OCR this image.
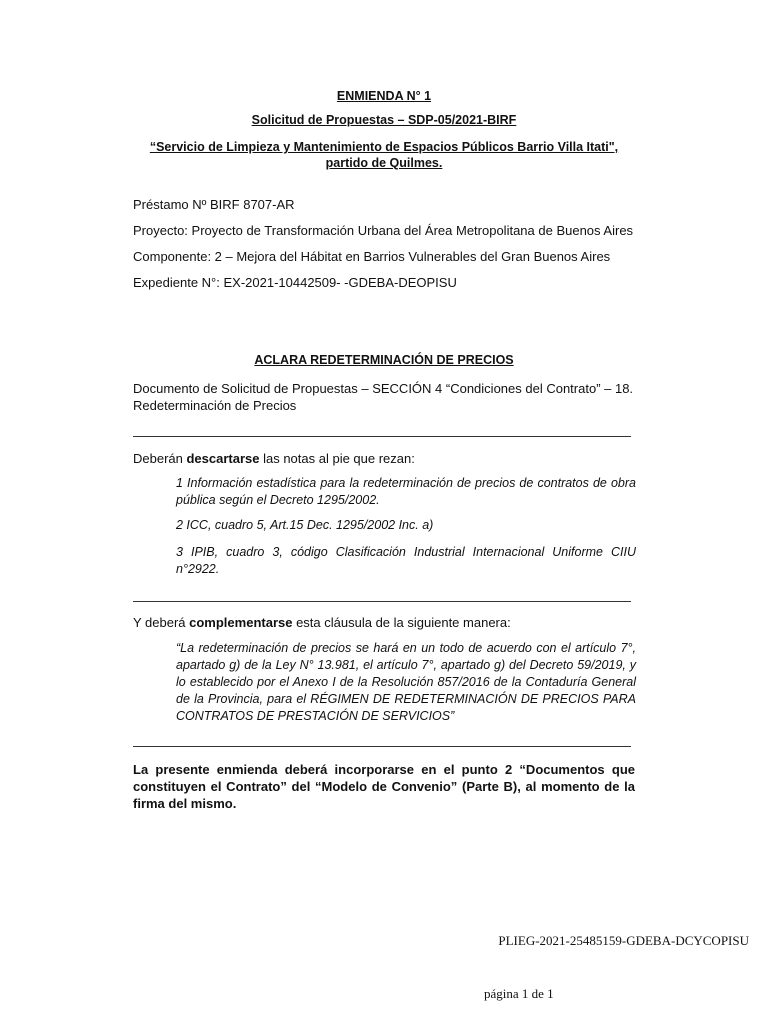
ENMIENDA N° 1
Solicitud de Propuestas – SDP-05/2021-BIRF
“Servicio de Limpieza y Mantenimiento de Espacios Públicos Barrio Villa Itati",
partido de Quilmes.
Préstamo Nº BIRF 8707-AR
Proyecto: Proyecto de Transformación Urbana del Área Metropolitana de Buenos Aires
Componente: 2 – Mejora del Hábitat en Barrios Vulnerables del Gran Buenos Aires
Expediente N°: EX-2021-10442509- -GDEBA-DEOPISU
ACLARA REDETERMINACIÓN DE PRECIOS
Documento de Solicitud de Propuestas – SECCIÓN 4 “Condiciones del Contrato” – 18.
Redeterminación de Precios
Deberán descartarse las notas al pie que rezan:
1 Información estadística para la redeterminación de precios de contratos de obra pública según el Decreto 1295/2002.
2 ICC, cuadro 5, Art.15 Dec. 1295/2002 Inc. a)
3 IPIB, cuadro 3, código Clasificación Industrial Internacional Uniforme CIIU n°2922.
Y deberá complementarse esta cláusula de la siguiente manera:
“La redeterminación de precios se hará en un todo de acuerdo con el artículo 7°, apartado g) de la Ley N° 13.981, el artículo 7°, apartado g) del Decreto 59/2019, y lo establecido por el Anexo I de la Resolución 857/2016 de la Contaduría General de la Provincia, para el RÉGIMEN DE REDETERMINACIÓN DE PRECIOS PARA CONTRATOS DE PRESTACIÓN DE SERVICIOS”
La presente enmienda deberá incorporarse en el punto 2 “Documentos que constituyen el Contrato” del “Modelo de Convenio” (Parte B), al momento de la firma del mismo.
PLIEG-2021-25485159-GDEBA-DCYCOPISU
página 1 de 1
